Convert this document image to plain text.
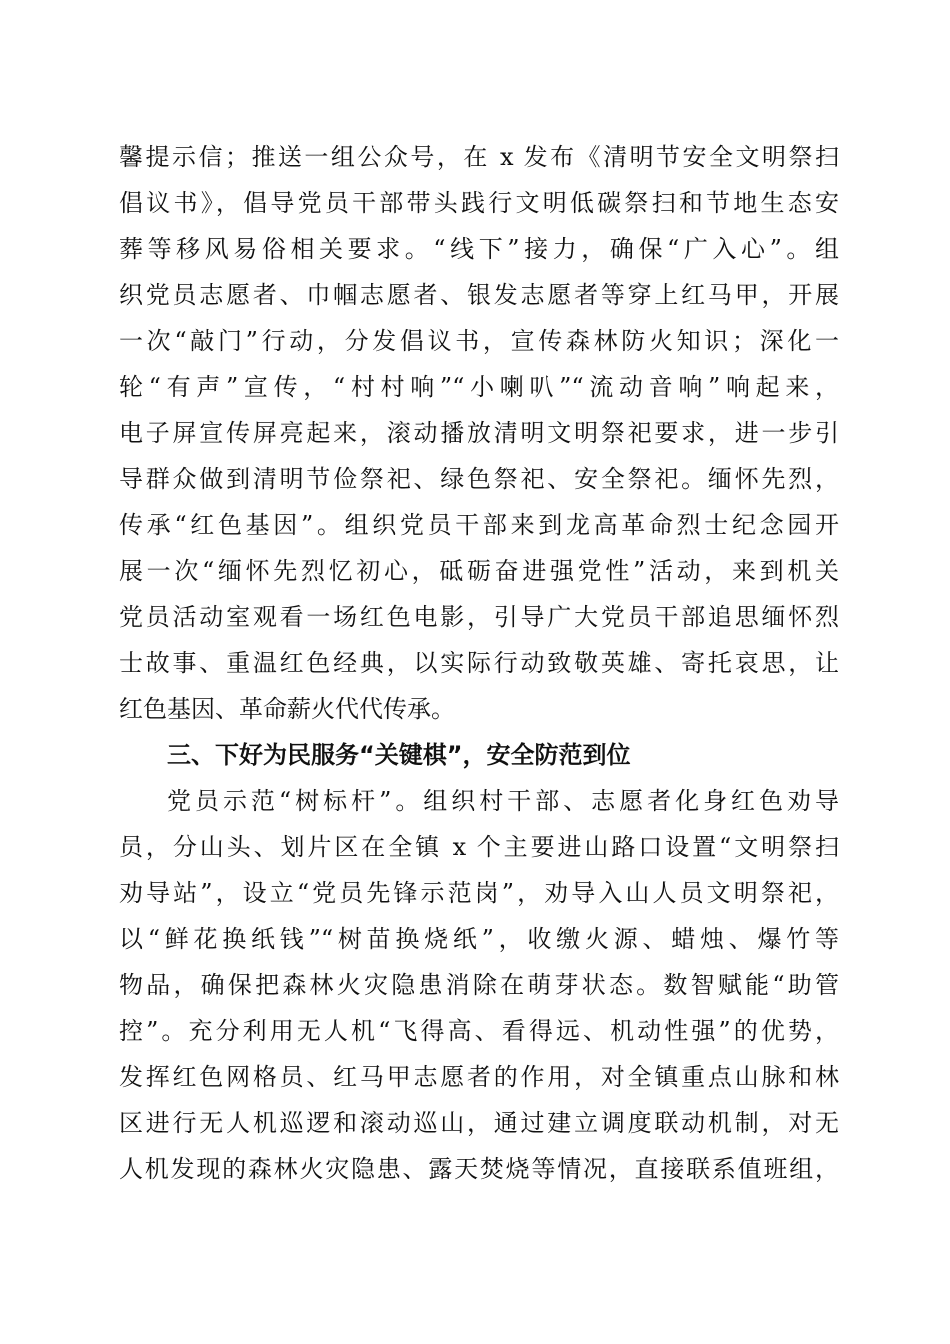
馨提示信；推送一组公众号，在 x 发布《清明节安全文明祭扫
倡议书》，倡导党员干部带头践行文明低碳祭扫和节地生态安
葬等移风易俗相关要求。“线下”接力，确保“广入心”。组
织党员志愿者、巾帼志愿者、银发志愿者等穿上红马甲，开展
一次“敲门”行动，分发倡议书，宣传森林防火知识；深化一
轮“有声”宣传，“村村响”“小喇叭”“流动音响”响起来，
电子屏宣传屏亮起来，滚动播放清明文明祭祀要求，进一步引
导群众做到清明节俭祭祀、绿色祭祀、安全祭祀。缅怀先烈，
传承“红色基因”。组织党员干部来到龙高革命烈士纪念园开
展一次“缅怀先烈忆初心，砥砺奋进强党性”活动，来到机关
党员活动室观看一场红色电影，引导广大党员干部追思缅怀烈
士故事、重温红色经典，以实际行动致敬英雄、寄托哀思，让
红色基因、革命薪火代代传承。
三、下好为民服务“关键棋”，安全防范到位
党员示范“树标杆”。组织村干部、志愿者化身红色劝导
员，分山头、划片区在全镇 x 个主要进山路口设置“文明祭扫
劝导站”，设立“党员先锋示范岗”，劝导入山人员文明祭祀，
以“鲜花换纸钱”“树苗换烧纸”，收缴火源、蜡烛、爆竹等
物品，确保把森林火灾隐患消除在萌芽状态。数智赋能“助管
控”。充分利用无人机“飞得高、看得远、机动性强”的优势，
发挥红色网格员、红马甲志愿者的作用，对全镇重点山脉和林
区进行无人机巡逻和滚动巡山，通过建立调度联动机制，对无
人机发现的森林火灾隐患、露天焚烧等情况，直接联系值班组，
